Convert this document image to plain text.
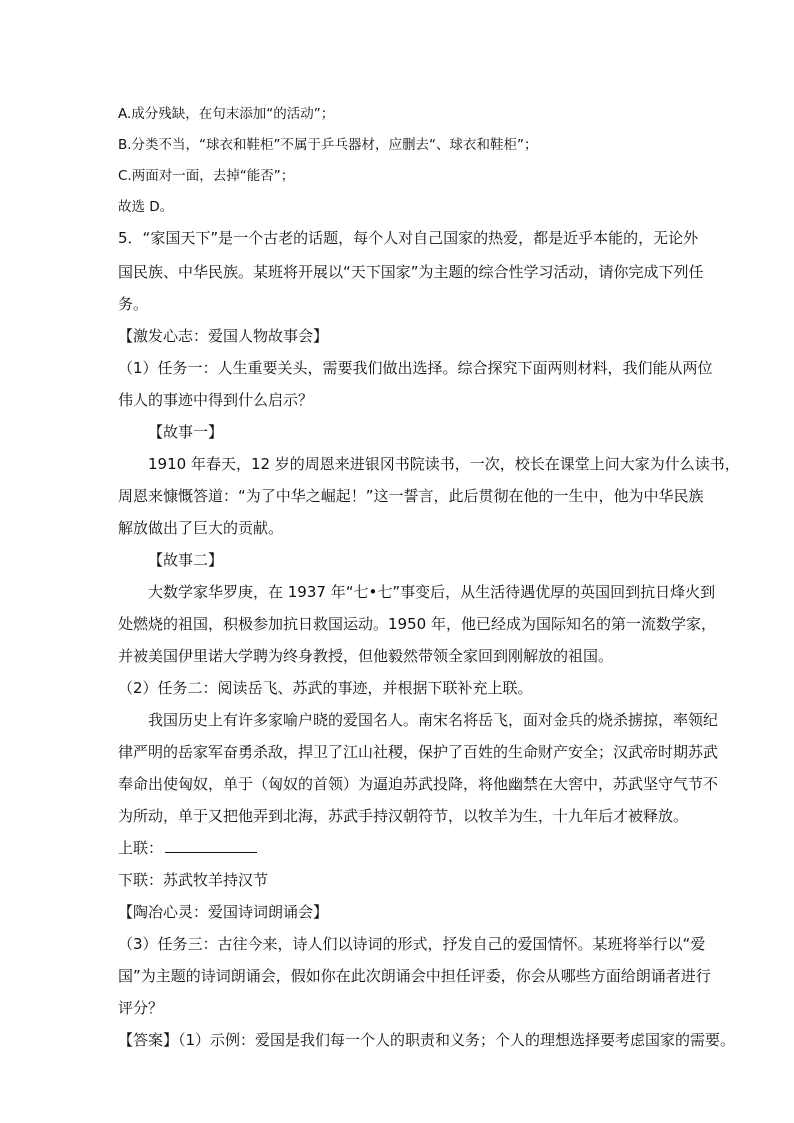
A.成分残缺，在句末添加“的活动”；
B.分类不当，“球衣和鞋柜”不属于乒乓器材，应删去“、球衣和鞋柜”；
C.两面对一面，去掉“能否”；
故选 D。
5．“家国天下”是一个古老的话题，每个人对自己国家的热爱，都是近乎本能的，无论外
国民族、中华民族。某班将开展以“天下国家”为主题的综合性学习活动，请你完成下列任
务。
【激发心志：爱国人物故事会】
（1）任务一：人生重要关头，需要我们做出选择。综合探究下面两则材料，我们能从两位
伟人的事迹中得到什么启示？
【故事一】
1910 年春天，12 岁的周恩来进银冈书院读书，一次，校长在课堂上问大家为什么读书，
周恩来慷慨答道：“为了中华之崛起！”这一誓言，此后贯彻在他的一生中，他为中华民族
解放做出了巨大的贡献。
【故事二】
大数学家华罗庚，在 1937 年“七•七”事变后，从生活待遇优厚的英国回到抗日烽火到
处燃烧的祖国，积极参加抗日救国运动。1950 年，他已经成为国际知名的第一流数学家，
并被美国伊里诺大学聘为终身教授，但他毅然带领全家回到刚解放的祖国。
（2）任务二：阅读岳飞、苏武的事迹，并根据下联补充上联。
我国历史上有许多家喻户晓的爱国名人。南宋名将岳飞，面对金兵的烧杀掳掠，率领纪
律严明的岳家军奋勇杀敌，捍卫了江山社稷，保护了百姓的生命财产安全；汉武帝时期苏武
奉命出使匈奴，单于（匈奴的首领）为逼迫苏武投降，将他幽禁在大窖中，苏武坚守气节不
为所动，单于又把他弄到北海，苏武手持汉朝符节，以牧羊为生，十九年后才被释放。
上联：
下联：苏武牧羊持汉节
【陶冶心灵：爱国诗词朗诵会】
（3）任务三：古往今来，诗人们以诗词的形式，抒发自己的爱国情怀。某班将举行以“爱
国”为主题的诗词朗诵会，假如你在此次朗诵会中担任评委，你会从哪些方面给朗诵者进行
评分？
【答案】（1）示例：爱国是我们每一个人的职责和义务；个人的理想选择要考虑国家的需要。
